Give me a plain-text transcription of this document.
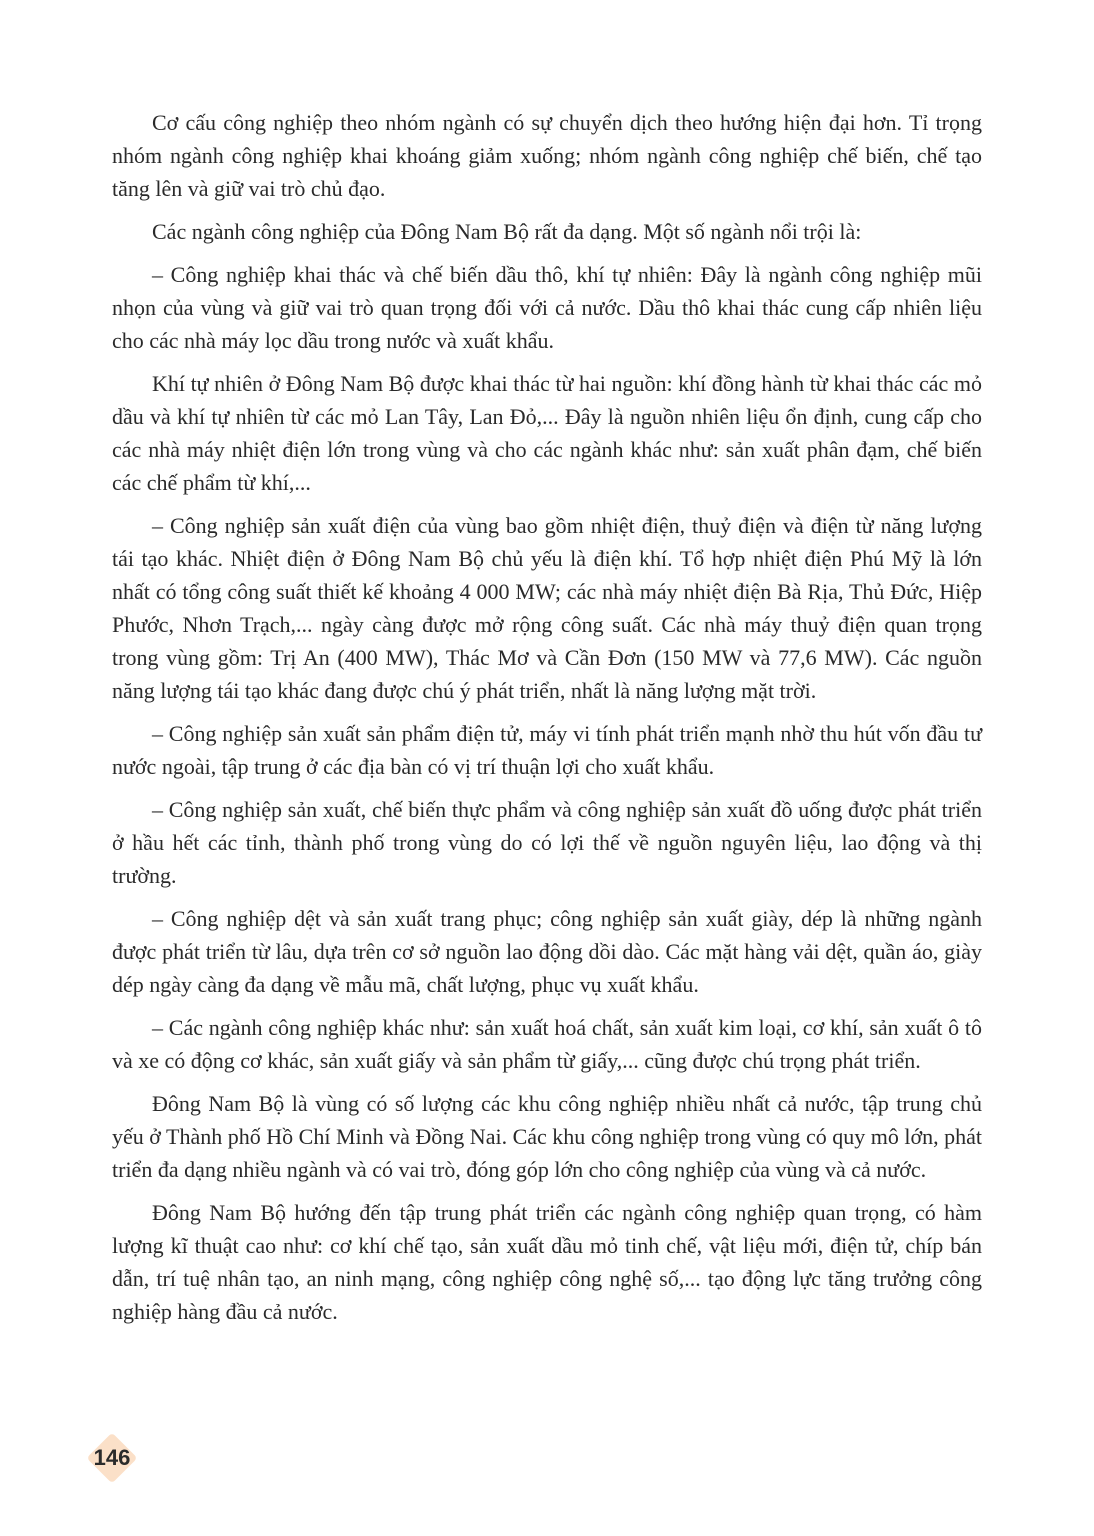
Cơ cấu công nghiệp theo nhóm ngành có sự chuyển dịch theo hướng hiện đại hơn. Tỉ trọng nhóm ngành công nghiệp khai khoáng giảm xuống; nhóm ngành công nghiệp chế biến, chế tạo tăng lên và giữ vai trò chủ đạo.

Các ngành công nghiệp của Đông Nam Bộ rất đa dạng. Một số ngành nổi trội là:

– Công nghiệp khai thác và chế biến dầu thô, khí tự nhiên: Đây là ngành công nghiệp mũi nhọn của vùng và giữ vai trò quan trọng đối với cả nước. Dầu thô khai thác cung cấp nhiên liệu cho các nhà máy lọc dầu trong nước và xuất khẩu.

Khí tự nhiên ở Đông Nam Bộ được khai thác từ hai nguồn: khí đồng hành từ khai thác các mỏ dầu và khí tự nhiên từ các mỏ Lan Tây, Lan Đỏ,... Đây là nguồn nhiên liệu ổn định, cung cấp cho các nhà máy nhiệt điện lớn trong vùng và cho các ngành khác như: sản xuất phân đạm, chế biến các chế phẩm từ khí,...

– Công nghiệp sản xuất điện của vùng bao gồm nhiệt điện, thuỷ điện và điện từ năng lượng tái tạo khác. Nhiệt điện ở Đông Nam Bộ chủ yếu là điện khí. Tổ hợp nhiệt điện Phú Mỹ là lớn nhất có tổng công suất thiết kế khoảng 4 000 MW; các nhà máy nhiệt điện Bà Rịa, Thủ Đức, Hiệp Phước, Nhơn Trạch,... ngày càng được mở rộng công suất. Các nhà máy thuỷ điện quan trọng trong vùng gồm: Trị An (400 MW), Thác Mơ và Cần Đơn (150 MW và 77,6 MW). Các nguồn năng lượng tái tạo khác đang được chú ý phát triển, nhất là năng lượng mặt trời.

– Công nghiệp sản xuất sản phẩm điện tử, máy vi tính phát triển mạnh nhờ thu hút vốn đầu tư nước ngoài, tập trung ở các địa bàn có vị trí thuận lợi cho xuất khẩu.

– Công nghiệp sản xuất, chế biến thực phẩm và công nghiệp sản xuất đồ uống được phát triển ở hầu hết các tỉnh, thành phố trong vùng do có lợi thế về nguồn nguyên liệu, lao động và thị trường.

– Công nghiệp dệt và sản xuất trang phục; công nghiệp sản xuất giày, dép là những ngành được phát triển từ lâu, dựa trên cơ sở nguồn lao động dồi dào. Các mặt hàng vải dệt, quần áo, giày dép ngày càng đa dạng về mẫu mã, chất lượng, phục vụ xuất khẩu.

– Các ngành công nghiệp khác như: sản xuất hoá chất, sản xuất kim loại, cơ khí, sản xuất ô tô và xe có động cơ khác, sản xuất giấy và sản phẩm từ giấy,... cũng được chú trọng phát triển.

Đông Nam Bộ là vùng có số lượng các khu công nghiệp nhiều nhất cả nước, tập trung chủ yếu ở Thành phố Hồ Chí Minh và Đồng Nai. Các khu công nghiệp trong vùng có quy mô lớn, phát triển đa dạng nhiều ngành và có vai trò, đóng góp lớn cho công nghiệp của vùng và cả nước.

Đông Nam Bộ hướng đến tập trung phát triển các ngành công nghiệp quan trọng, có hàm lượng kĩ thuật cao như: cơ khí chế tạo, sản xuất dầu mỏ tinh chế, vật liệu mới, điện tử, chíp bán dẫn, trí tuệ nhân tạo, an ninh mạng, công nghiệp công nghệ số,... tạo động lực tăng trưởng công nghiệp hàng đầu cả nước.

146
